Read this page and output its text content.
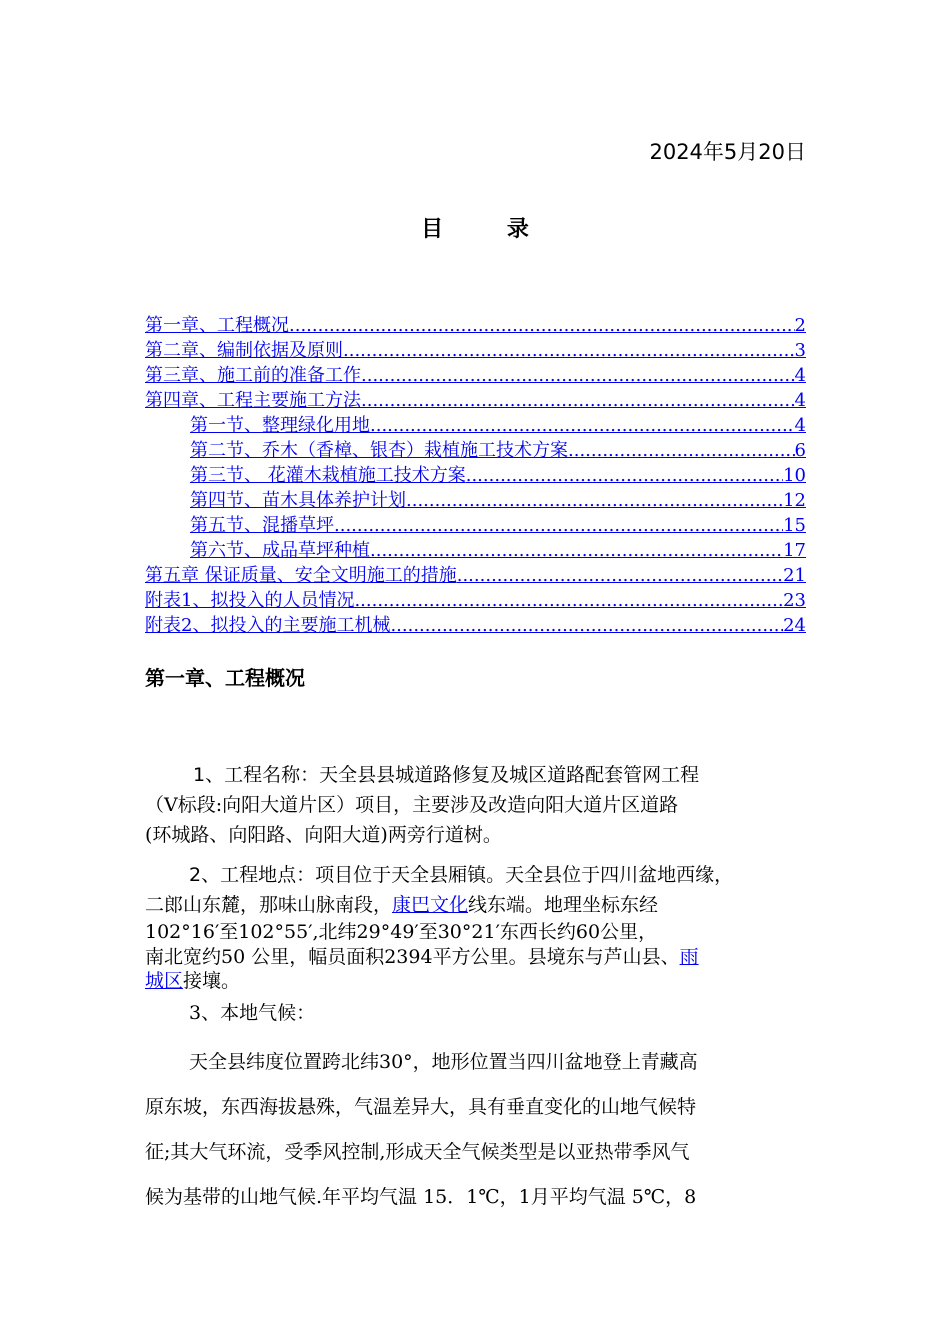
2024年5月20日
目 录
第一章、工程概况 .....	2
第二章、编制依据及原则 .....	3
第三章、施工前的准备工作 .....	4
第四章、工程主要施工方法 .....	4
第一节、整理绿化用地 .....	4
第二节、乔木（香樟、银杏）栽植施工技术方案 .....	6
第三节、 花灌木栽植施工技术方案 .....	10
第四节、苗木具体养护计划 .....	12
第五节、混播草坪 .....	15
第六节、成品草坪种植 .....	17
第五章 保证质量、安全文明施工的措施 .....	21
附表1、拟投入的人员情况 .....	23
附表2、拟投入的主要施工机械 .....	24
第一章、工程概况
1、工程名称：天全县县城道路修复及城区道路配套管网工程
（Ⅴ标段:向阳大道片区）项目，主要涉及改造向阳大道片区道路
(环城路、向阳路、向阳大道)两旁行道树。
2、工程地点：项目位于天全县厢镇。天全县位于四川盆地西缘，
二郎山东麓，那味山脉南段，康巴文化线东端。地理坐标东经
102°16′至102°55′,北纬29°49′至30°21′东西长约60公里，
南北宽约50 公里，幅员面积2394平方公里。县境东与芦山县、雨
城区接壤。
3、本地气候：
天全县纬度位置跨北纬30°，地形位置当四川盆地登上青藏高
原东坡，东西海拔悬殊，气温差异大，具有垂直变化的山地气候特
征;其大气环流，受季风控制,形成天全气候类型是以亚热带季风气
候为基带的山地气候.年平均气温 15．1℃，1月平均气温 5℃，8
